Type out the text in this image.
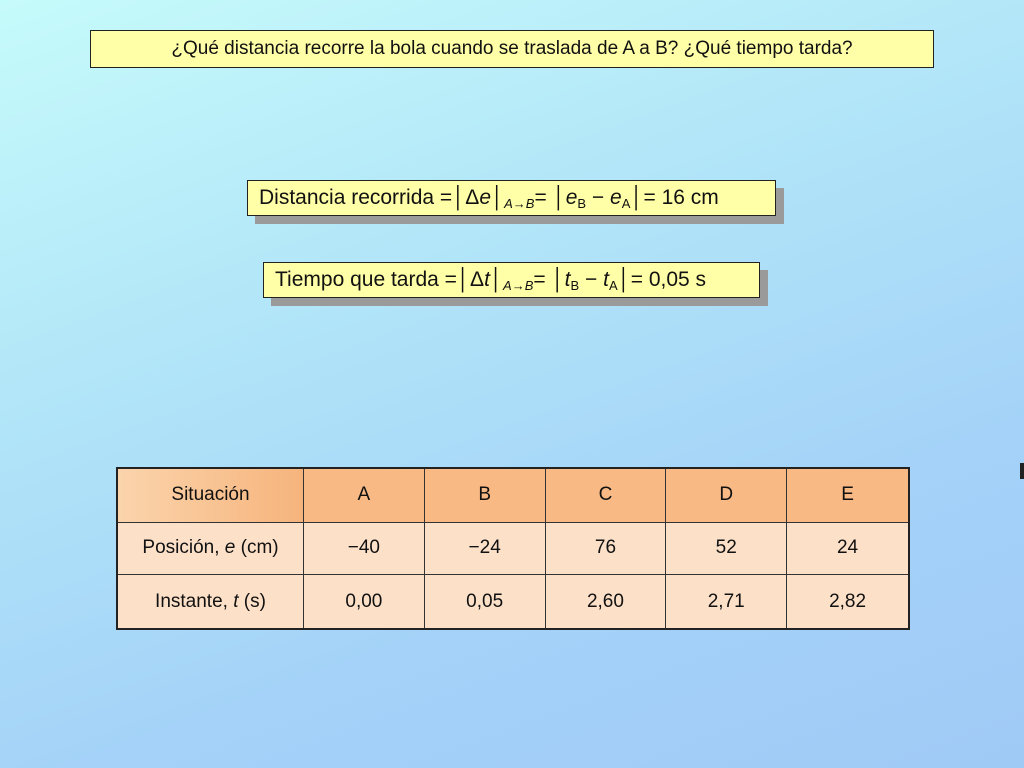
¿Qué distancia recorre la bola cuando se traslada de A a B? ¿Qué tiempo tarda?
Distancia recorrida $=│\Delta e│_{A\to B}=$ $│e_B$ − $e_A│= 16$ cm
Tiempo que tarda $=│\Delta t│_{A\to B}=$ $│t_B$ − $t_A│= 0,05$ s
Situación	A	B	C	D	E
Posición, e (cm)	−40	−24	76	52	24
Instante, t (s)	0,00	0,05	2,60	2,71	2,82
